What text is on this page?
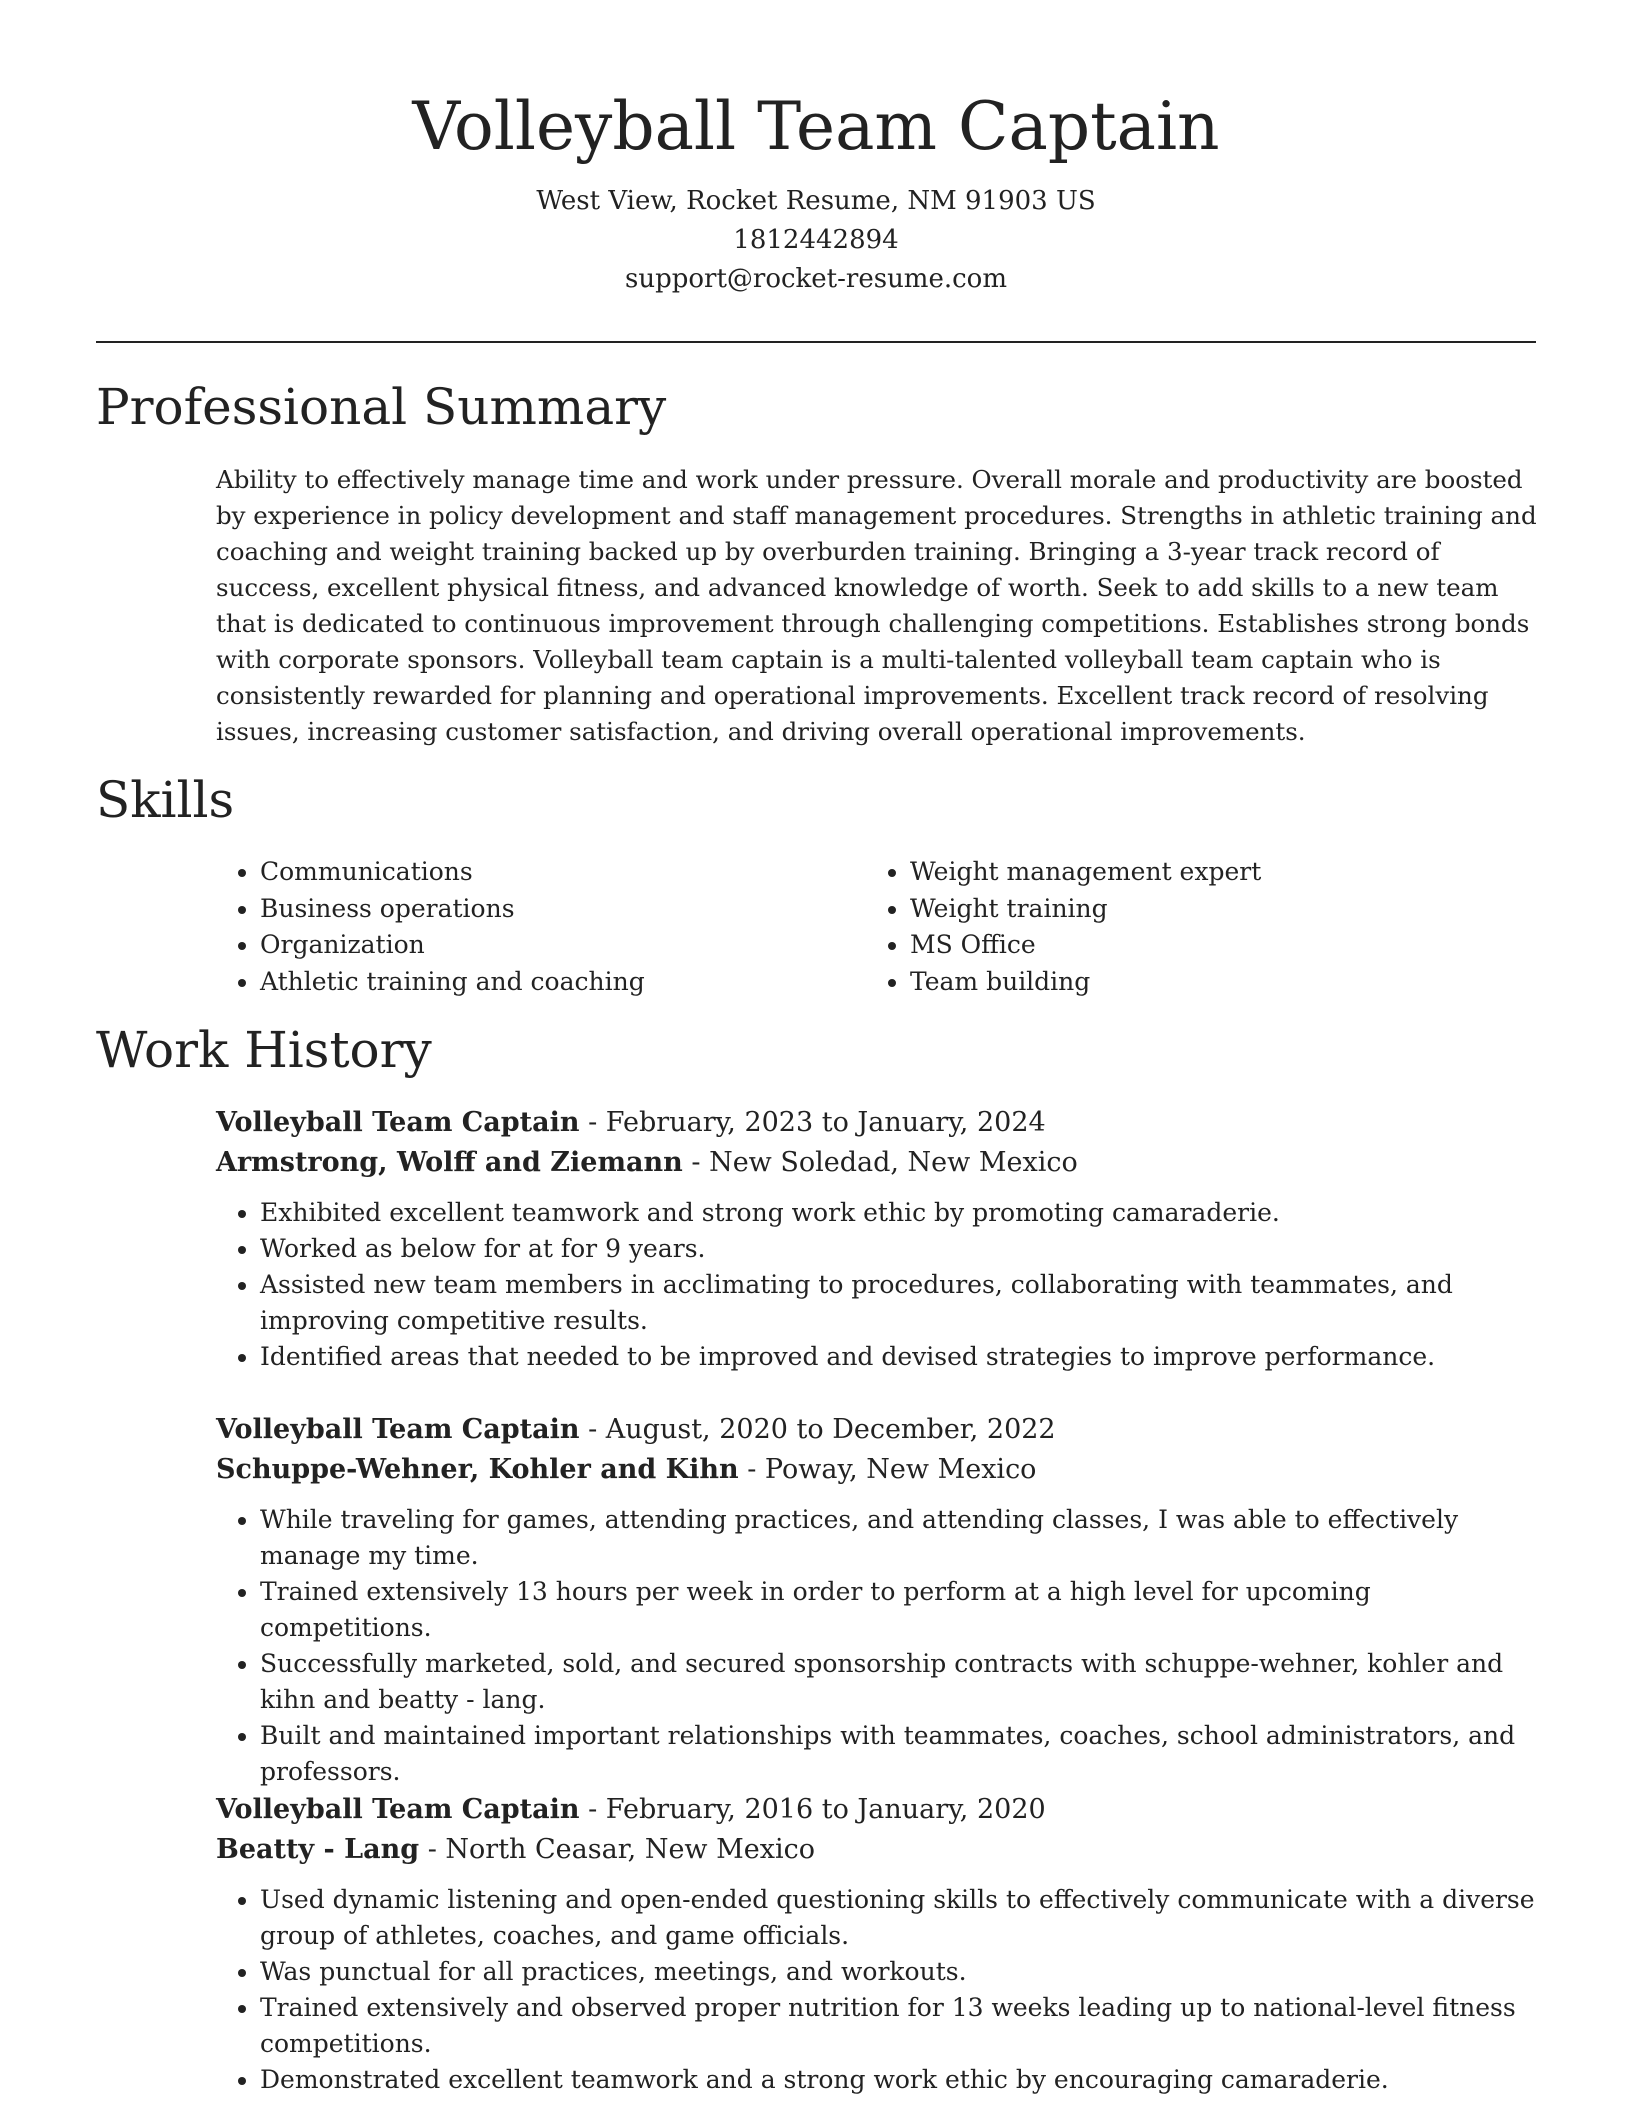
Volleyball Team Captain
West View, Rocket Resume, NM 91903 US
1812442894
support@rocket-resume.com
Professional Summary

Ability to effectively manage time and work under pressure. Overall morale and productivity are boosted by experience in policy development and staff management procedures. Strengths in athletic training and coaching and weight training backed up by overburden training. Bringing a 3-year track record of success, excellent physical fitness, and advanced knowledge of worth. Seek to add skills to a new team that is dedicated to continuous improvement through challenging competitions. Establishes strong bonds with corporate sponsors. Volleyball team captain is a multi-talented volleyball team captain who is consistently rewarded for planning and operational improvements. Excellent track record of resolving issues, increasing customer satisfaction, and driving overall operational improvements.

Skills
• Communications
• Business operations
• Organization
• Athletic training and coaching
• Weight management expert
• Weight training
• MS Office
• Team building
Work History
Volleyball Team Captain - February, 2023 to January, 2024
Armstrong, Wolff and Ziemann - New Soledad, New Mexico
• Exhibited excellent teamwork and strong work ethic by promoting camaraderie.
• Worked as below for at for 9 years.
• Assisted new team members in acclimating to procedures, collaborating with teammates, and improving competitive results.
• Identified areas that needed to be improved and devised strategies to improve performance.
Volleyball Team Captain - August, 2020 to December, 2022
Schuppe-Wehner, Kohler and Kihn - Poway, New Mexico
• While traveling for games, attending practices, and attending classes, I was able to effectively manage my time.
• Trained extensively 13 hours per week in order to perform at a high level for upcoming competitions.
• Successfully marketed, sold, and secured sponsorship contracts with schuppe-wehner, kohler and kihn and beatty - lang.
• Built and maintained important relationships with teammates, coaches, school administrators, and professors.
Volleyball Team Captain - February, 2016 to January, 2020
Beatty - Lang - North Ceasar, New Mexico
• Used dynamic listening and open-ended questioning skills to effectively communicate with a diverse group of athletes, coaches, and game officials.
• Was punctual for all practices, meetings, and workouts.
• Trained extensively and observed proper nutrition for 13 weeks leading up to national-level fitness competitions.
• Demonstrated excellent teamwork and a strong work ethic by encouraging camaraderie.
